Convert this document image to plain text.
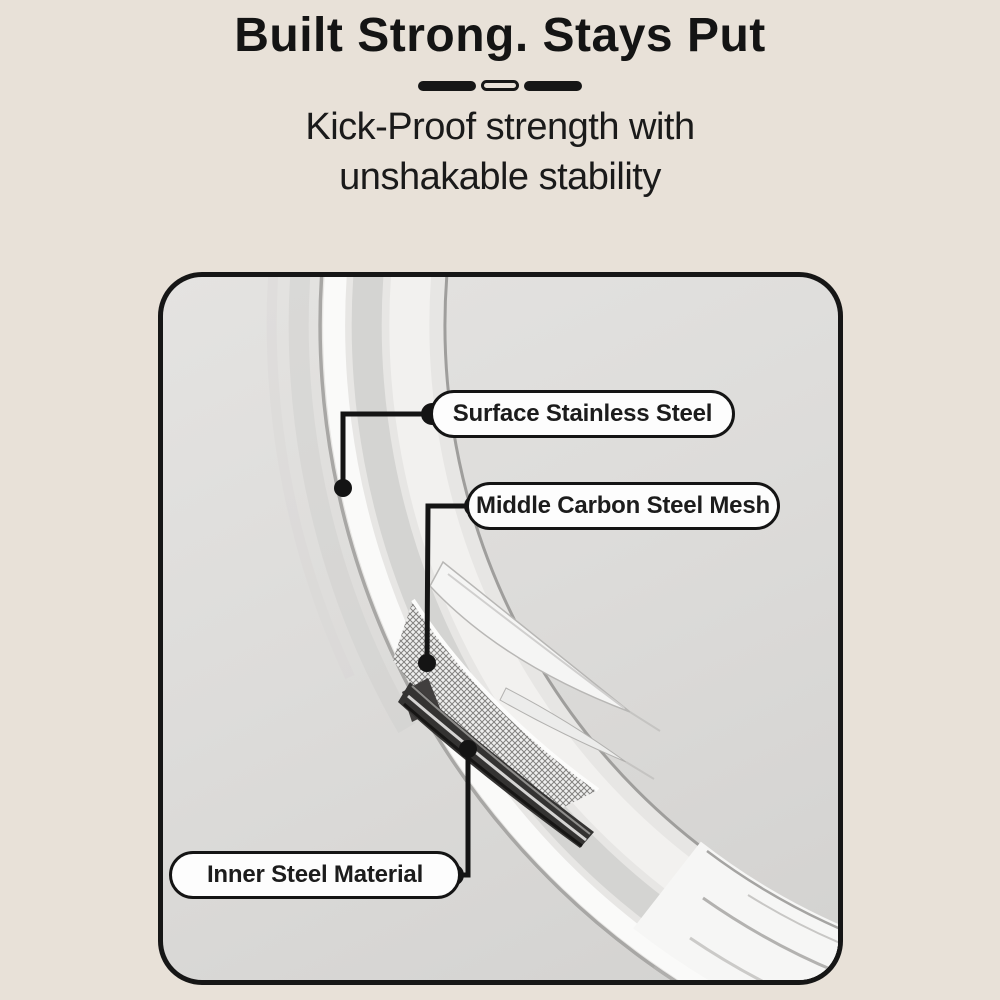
Built Strong. Stays Put
Kick-Proof strength with
unshakable stability
Surface Stainless Steel
Middle Carbon Steel Mesh
Inner Steel Material
